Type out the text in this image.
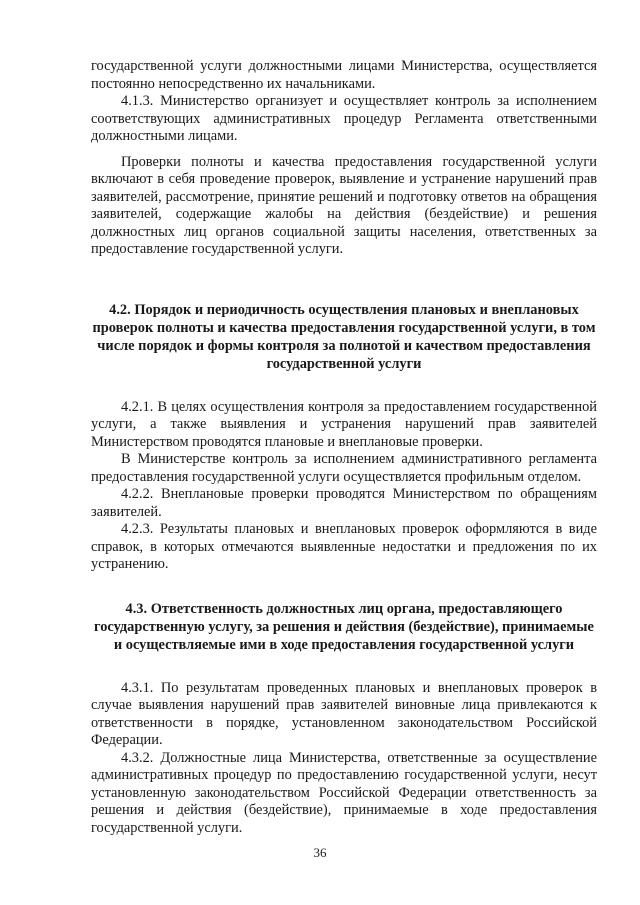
государственной услуги должностными лицами Министерства, осуществляется постоянно непосредственно их начальниками.

4.1.3. Министерство организует и осуществляет контроль за исполнением соответствующих административных процедур Регламента ответственными должностными лицами.

Проверки полноты и качества предоставления государственной услуги включают в себя проведение проверок, выявление и устранение нарушений прав заявителей, рассмотрение, принятие решений и подготовку ответов на обращения заявителей, содержащие жалобы на действия (бездействие) и решения должностных лиц органов социальной защиты населения, ответственных за предоставление государственной услуги.

4.2. Порядок и периодичность осуществления плановых и внеплановых проверок полноты и качества предоставления государственной услуги, в том числе порядок и формы контроля за полнотой и качеством предоставления государственной услуги

4.2.1. В целях осуществления контроля за предоставлением государственной услуги, а также выявления и устранения нарушений прав заявителей Министерством проводятся плановые и внеплановые проверки.

В Министерстве контроль за исполнением административного регламента предоставления государственной услуги осуществляется профильным отделом.

4.2.2. Внеплановые проверки проводятся Министерством по обращениям заявителей.

4.2.3. Результаты плановых и внеплановых проверок оформляются в виде справок, в которых отмечаются выявленные недостатки и предложения по их устранению.

4.3. Ответственность должностных лиц органа, предоставляющего государственную услугу, за решения и действия (бездействие), принимаемые и осуществляемые ими в ходе предоставления государственной услуги

4.3.1. По результатам проведенных плановых и внеплановых проверок в случае выявления нарушений прав заявителей виновные лица привлекаются к ответственности в порядке, установленном законодательством Российской Федерации.

4.3.2. Должностные лица Министерства, ответственные за осуществление административных процедур по предоставлению государственной услуги, несут установленную законодательством Российской Федерации ответственность за решения и действия (бездействие), принимаемые в ходе предоставления государственной услуги.

36
